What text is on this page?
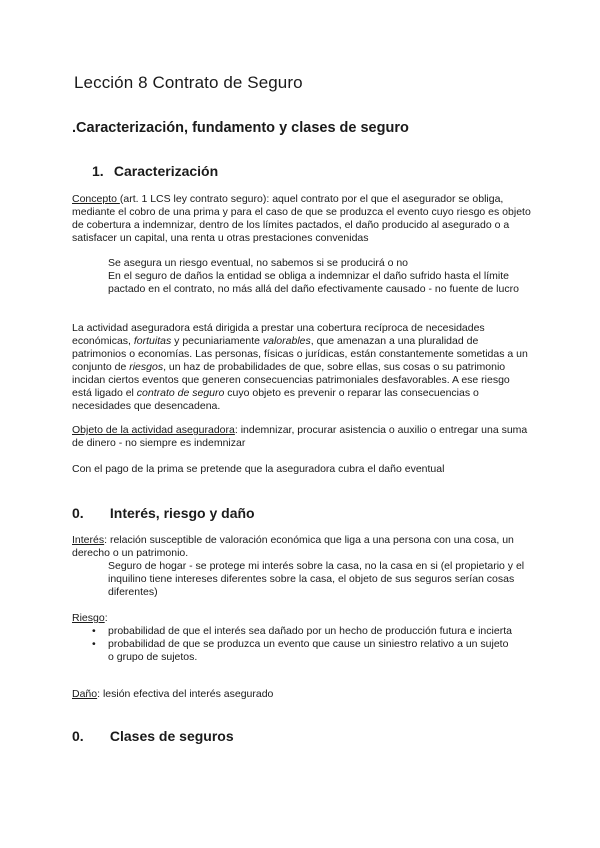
Lección 8 Contrato de Seguro
.Caracterización, fundamento y clases de seguro
1. Caracterización

Concepto (art. 1 LCS ley contrato seguro): aquel contrato por el que el asegurador se obliga, mediante el cobro de una prima y para el caso de que se produzca el evento cuyo riesgo es objeto de cobertura a indemnizar, dentro de los límites pactados, el daño producido al asegurado o a satisfacer un capital, una renta u otras prestaciones convenidas

Se asegura un riesgo eventual, no sabemos si se producirá o no

En el seguro de daños la entidad se obliga a indemnizar el daño sufrido hasta el límite pactado en el contrato, no más allá del daño efectivamente causado - no fuente de lucro

La actividad aseguradora está dirigida a prestar una cobertura recíproca de necesidades económicas, fortuitas y pecuniariamente valorables, que amenazan a una pluralidad de patrimonios o economías. Las personas, físicas o jurídicas, están constantemente sometidas a un conjunto de riesgos, un haz de probabilidades de que, sobre ellas, sus cosas o su patrimonio incidan ciertos eventos que generen consecuencias patrimoniales desfavorables. A ese riesgo está ligado el contrato de seguro cuyo objeto es prevenir o reparar las consecuencias o necesidades que desencadena.

Objeto de la actividad aseguradora: indemnizar, procurar asistencia o auxilio o entregar una suma de dinero - no siempre es indemnizar

Con el pago de la prima se pretende que la aseguradora cubra el daño eventual

0. Interés, riesgo y daño

Interés: relación susceptible de valoración económica que liga a una persona con una cosa, un derecho o un patrimonio.

Seguro de hogar - se protege mi interés sobre la casa, no la casa en si (el propietario y el inquilino tiene intereses diferentes sobre la casa, el objeto de sus seguros serían cosas diferentes)

Riesgo:

• probabilidad de que el interés sea dañado por un hecho de producción futura e incierta
• probabilidad de que se produzca un evento que cause un siniestro relativo a un sujeto o grupo de sujetos.

Daño: lesión efectiva del interés asegurado

0. Clases de seguros
